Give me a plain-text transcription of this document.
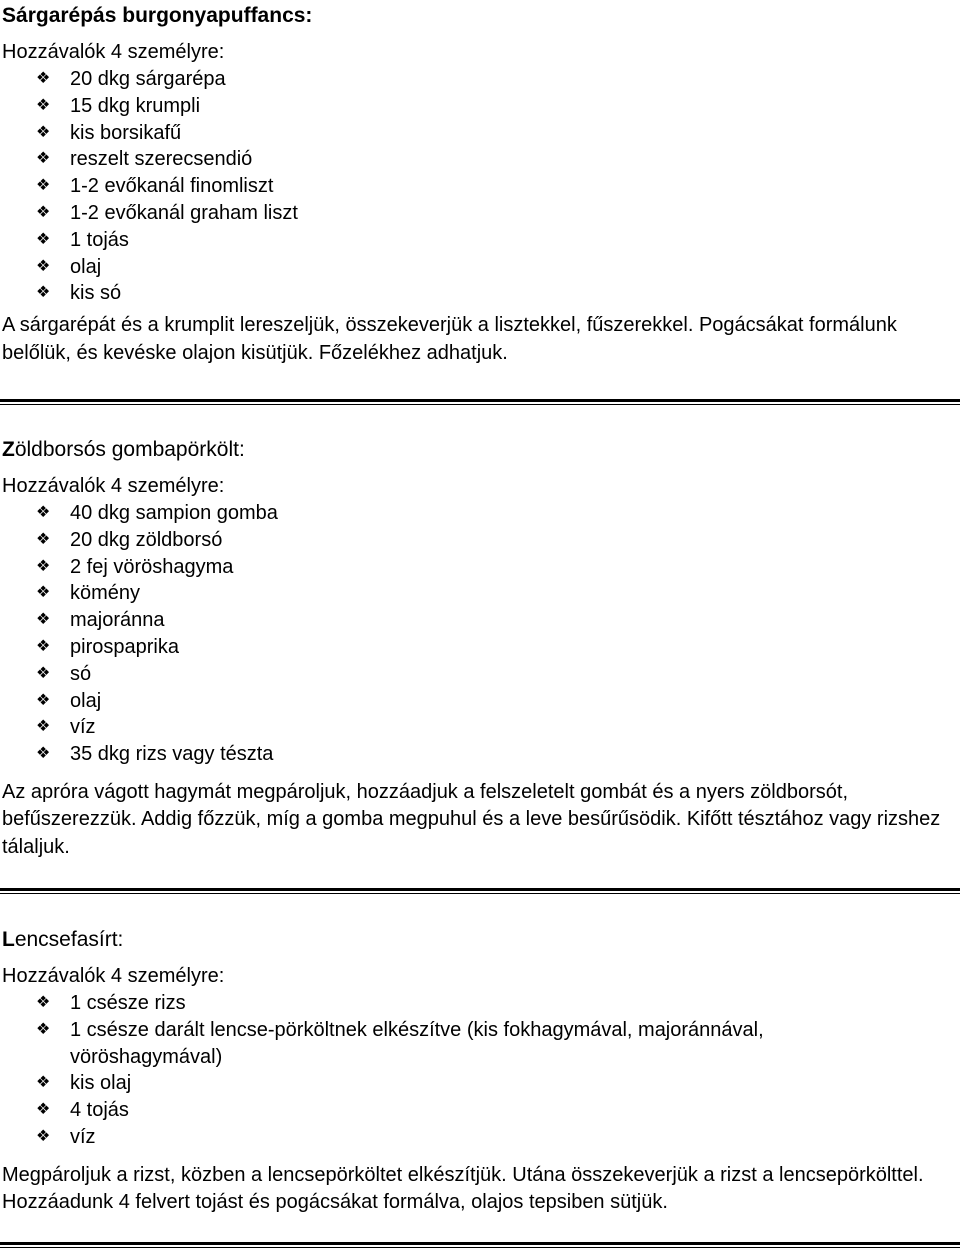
Sárgarépás burgonyapuffancs:
Hozzávalók 4 személyre:
❖ 20 dkg sárgarépa
❖ 15 dkg krumpli
❖ kis borsikafű
❖ reszelt szerecsendió
❖ 1-2 evőkanál finomliszt
❖ 1-2 evőkanál graham liszt
❖ 1 tojás
❖ olaj
❖ kis só

A sárgarépát és a krumplit lereszeljük, összekeverjük a lisztekkel, fűszerekkel. Pogácsákat formálunk belőlük, és kevéske olajon kisütjük. Főzelékhez adhatjuk.

Zöldborsós gombapörkölt:
Hozzávalók 4 személyre:
❖ 40 dkg sampion gomba
❖ 20 dkg zöldborsó
❖ 2 fej vöröshagyma
❖ kömény
❖ majoránna
❖ pirospaprika
❖ só
❖ olaj
❖ víz
❖ 35 dkg rizs vagy tészta

Az apróra vágott hagymát megpároljuk, hozzáadjuk a felszeletelt gombát és a nyers zöldborsót, befűszerezzük. Addig főzzük, míg a gomba megpuhul és a leve besűrűsödik. Kifőtt tésztához vagy rizshez tálaljuk.

Lencsefasírt:
Hozzávalók 4 személyre:
❖ 1 csésze rizs
❖ 1 csésze darált lencse-pörköltnek elkészítve (kis fokhagymával, majoránnával, vöröshagymával)
❖ kis olaj
❖ 4 tojás
❖ víz

Megpároljuk a rizst, közben a lencsepörköltet elkészítjük. Utána összekeverjük a rizst a lencsepörkölttel. Hozzáadunk 4 felvert tojást és pogácsákat formálva, olajos tepsiben sütjük.
